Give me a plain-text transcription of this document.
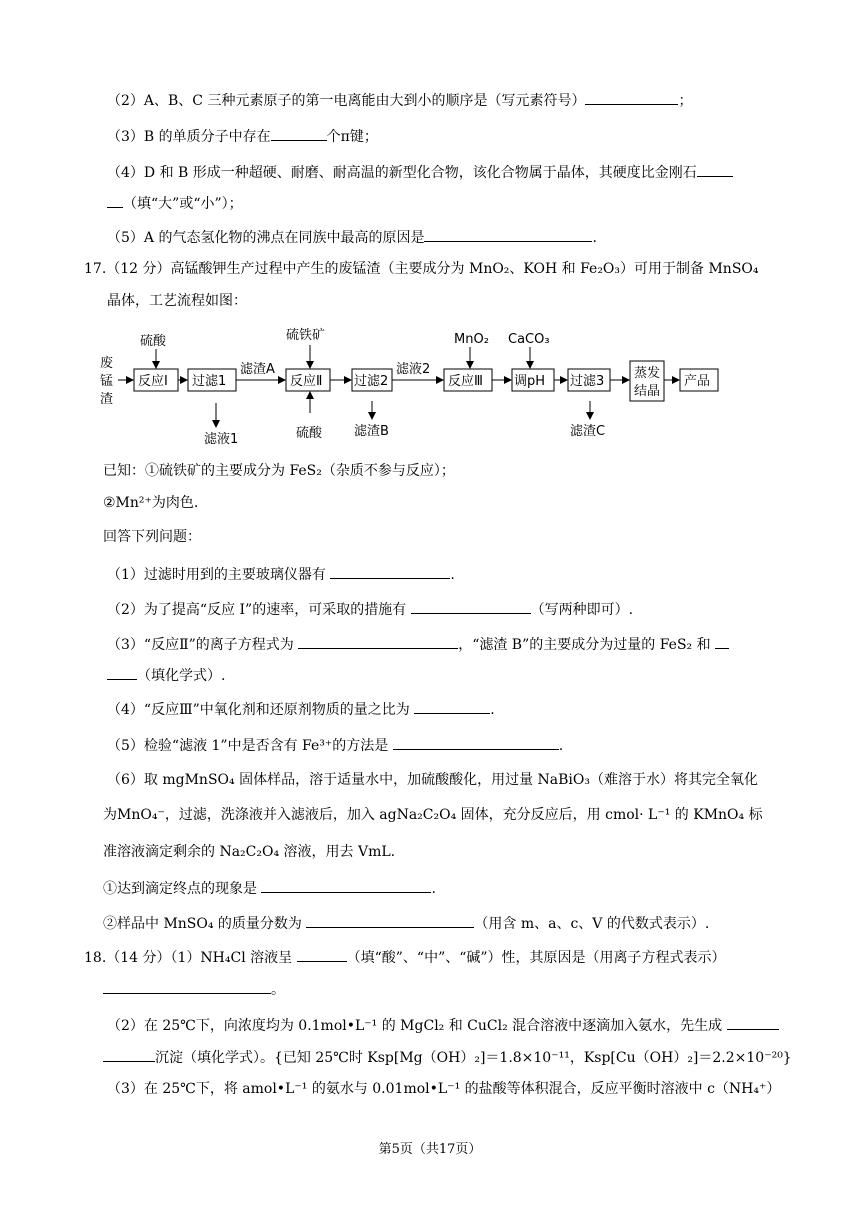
（2）A、B、C 三种元素原子的第一电离能由大到小的顺序是（写元素符号）	；
（3）B 的单质分子中存在	个π键；
（4）D 和 B 形成一种超硬、耐磨、耐高温的新型化合物，该化合物属于晶体，其硬度比金刚石
（填“大”或“小”）；
（5）A 的气态氢化物的沸点在同族中最高的原因是	.
17.（12 分）高锰酸钾生产过程中产生的废锰渣（主要成分为 MnO₂、KOH 和 Fe₂O₃）可用于制备 MnSO₄
晶体，工艺流程如图：
废
锰
渣
反应Ⅰ 过滤1	反应Ⅱ 过滤2	反应Ⅲ 调pH 过滤3
蒸发
结晶
产品
硫酸	硫铁矿
硫酸
MnO₂ CaCO₃
滤渣A	滤液2
滤液1
滤渣B	滤渣C
已知：①硫铁矿的主要成分为 FeS₂（杂质不参与反应）；
②Mn²⁺为肉色.
回答下列问题：
（1）过滤时用到的主要玻璃仪器有	.
（2）为了提高“反应 I”的速率，可采取的措施有	（写两种即可）.
（3）“反应Ⅱ”的离子方程式为	，“滤渣 B”的主要成分为过量的 FeS₂ 和
（填化学式）.
（4）“反应Ⅲ”中氧化剂和还原剂物质的量之比为	.
（5）检验“滤液 1”中是否含有 Fe³⁺的方法是	.
（6）取 mgMnSO₄ 固体样品，溶于适量水中，加硫酸酸化，用过量 NaBiO₃（难溶于水）将其完全氧化
为MnO₄⁻，过滤，洗涤液并入滤液后，加入 agNa₂C₂O₄ 固体，充分反应后，用 cmol· L⁻¹ 的 KMnO₄ 标
准溶液滴定剩余的 Na₂C₂O₄ 溶液，用去 VmL.
①达到滴定终点的现象是	.
②样品中 MnSO₄ 的质量分数为	（用含 m、a、c、V 的代数式表示）.
18.（14 分）（1）NH₄Cl 溶液呈	（填“酸”、“中”、“碱”）性，其原因是（用离子方程式表示）
。
（2）在 25℃下，向浓度均为 0.1mol•L⁻¹ 的 MgCl₂ 和 CuCl₂ 混合溶液中逐滴加入氨水，先生成
沉淀（填化学式）。{已知 25℃时 Ksp[Mg（OH）₂]＝1.8×10⁻¹¹，Ksp[Cu（OH）₂]＝2.2×10⁻²⁰}
（3）在 25℃下，将 amol•L⁻¹ 的氨水与 0.01mol•L⁻¹ 的盐酸等体积混合，反应平衡时溶液中 c（NH₄⁺）
第5页（共17页）
